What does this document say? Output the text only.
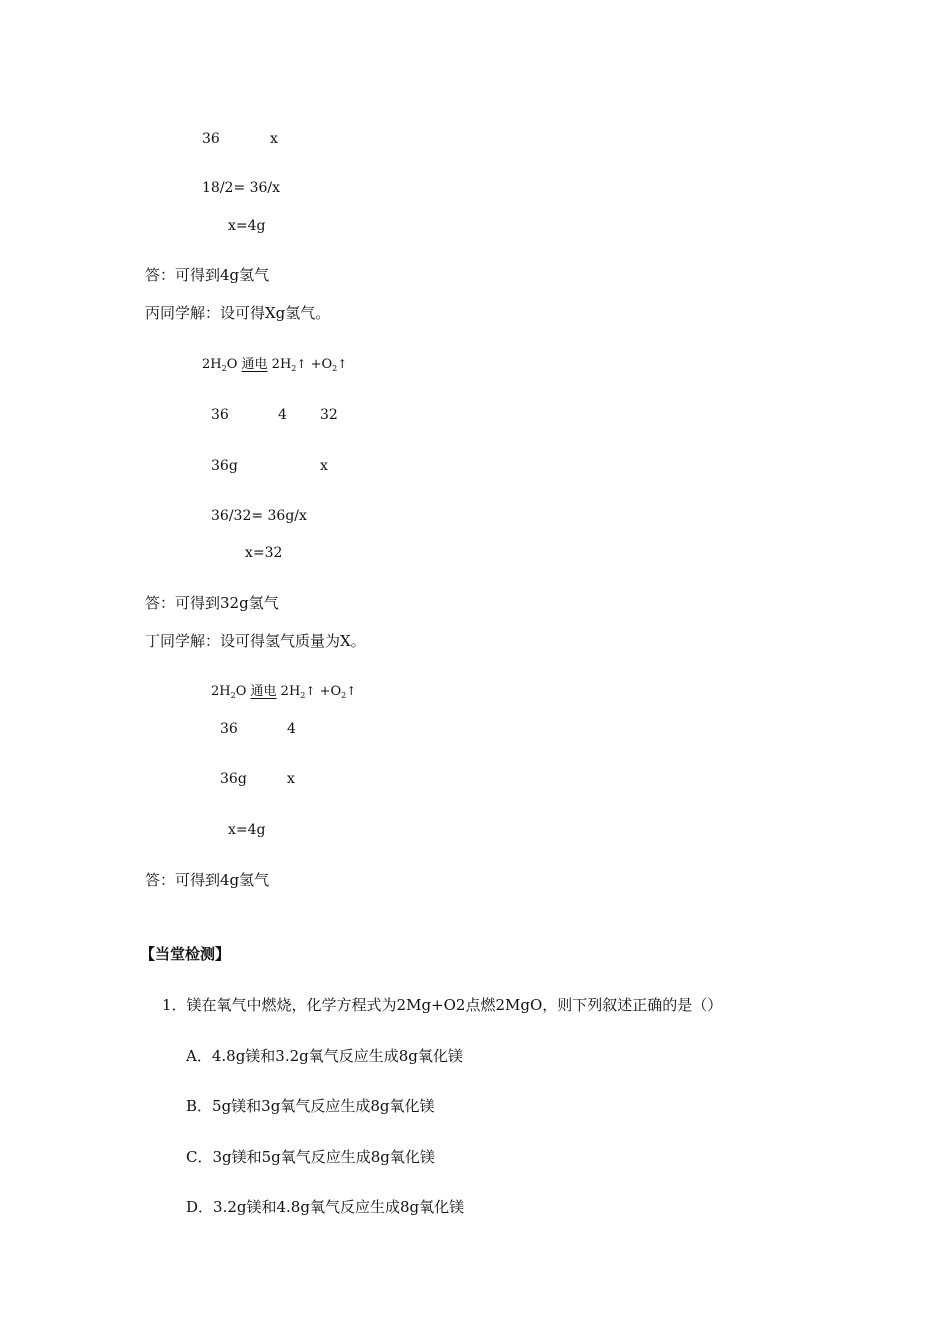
36	x
18/2= 36/x
x=4g
答：可得到4g氢气
丙同学解：设可得Xg氢气。
$2H_2O$ 通电 $2H_2↑$ $+O_2↑$
36	4 32
36g	x
36/32= 36g/x
x=32
答：可得到32g氢气
丁同学解：设可得氢气质量为X。
$2H_2O$ 通电 $2H_2↑$ $+O_2↑$
36	4
36g	x
x=4g
答：可得到4g氢气
【当堂检测】
1．镁在氧气中燃烧，化学方程式为2Mg+O2点燃2MgO，则下列叙述正确的是（）
A．4.8g镁和3.2g氧气反应生成8g氧化镁
B．5g镁和3g氧气反应生成8g氧化镁
C．3g镁和5g氧气反应生成8g氧化镁
D．3.2g镁和4.8g氧气反应生成8g氧化镁
